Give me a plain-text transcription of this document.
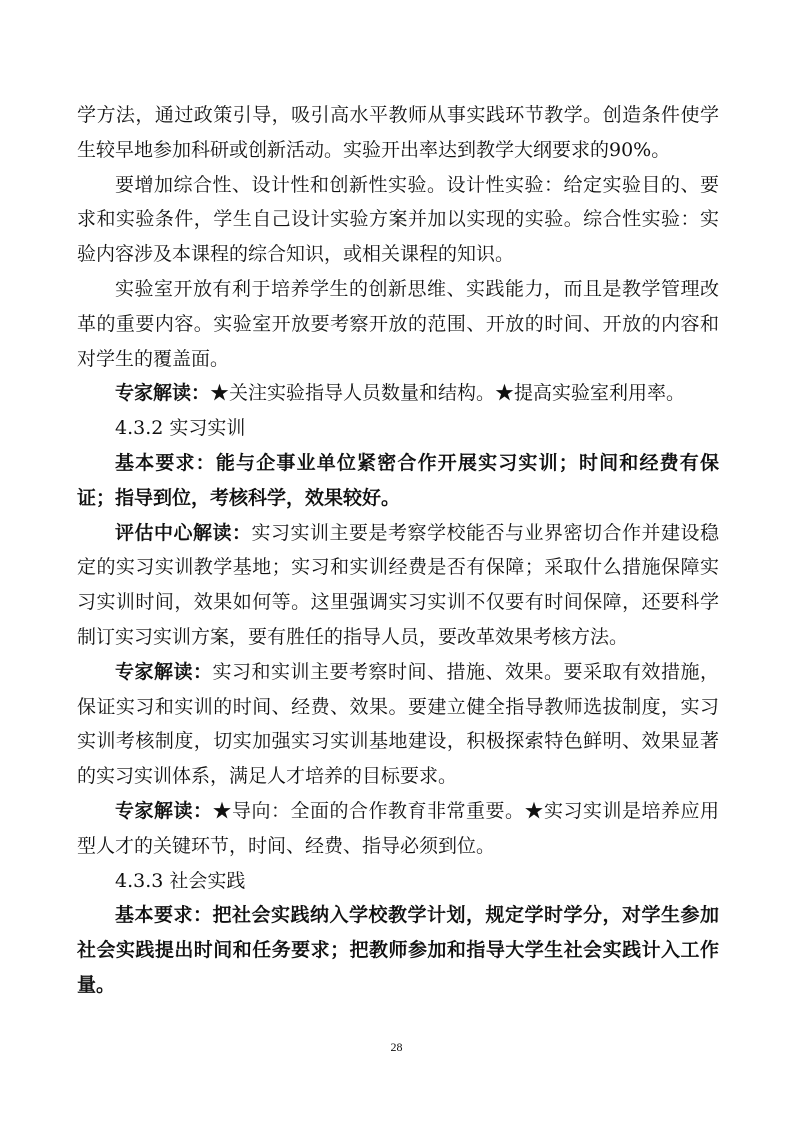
学方法，通过政策引导，吸引高水平教师从事实践环节教学。创造条件使学生较早地参加科研或创新活动。实验开出率达到教学大纲要求的90%。

要增加综合性、设计性和创新性实验。设计性实验：给定实验目的、要求和实验条件，学生自己设计实验方案并加以实现的实验。综合性实验：实验内容涉及本课程的综合知识，或相关课程的知识。

实验室开放有利于培养学生的创新思维、实践能力，而且是教学管理改革的重要内容。实验室开放要考察开放的范围、开放的时间、开放的内容和对学生的覆盖面。

专家解读：★关注实验指导人员数量和结构。★提高实验室利用率。

4.3.2 实习实训

基本要求：能与企事业单位紧密合作开展实习实训；时间和经费有保证；指导到位，考核科学，效果较好。

评估中心解读：实习实训主要是考察学校能否与业界密切合作并建设稳定的实习实训教学基地；实习和实训经费是否有保障；采取什么措施保障实习实训时间，效果如何等。这里强调实习实训不仅要有时间保障，还要科学制订实习实训方案，要有胜任的指导人员，要改革效果考核方法。

专家解读：实习和实训主要考察时间、措施、效果。要采取有效措施，保证实习和实训的时间、经费、效果。要建立健全指导教师选拔制度，实习实训考核制度，切实加强实习实训基地建设，积极探索特色鲜明、效果显著的实习实训体系，满足人才培养的目标要求。

专家解读：★导向：全面的合作教育非常重要。★实习实训是培养应用型人才的关键环节，时间、经费、指导必须到位。

4.3.3 社会实践

基本要求：把社会实践纳入学校教学计划，规定学时学分，对学生参加社会实践提出时间和任务要求；把教师参加和指导大学生社会实践计入工作量。

28
